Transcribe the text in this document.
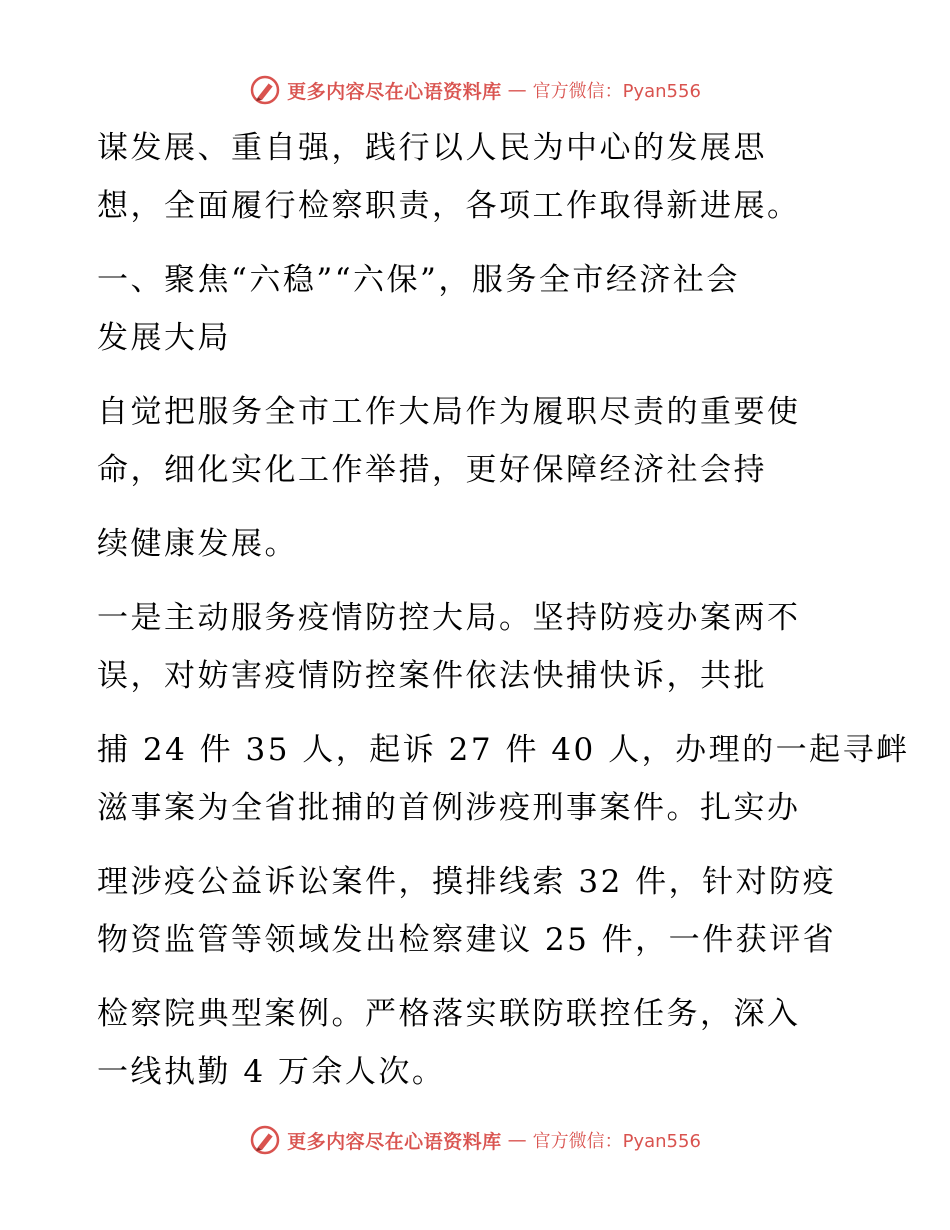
更多内容尽在心语资料库 — 官方微信：Pyan556
谋发展、重自强，践行以人民为中心的发展思
想，全面履行检察职责，各项工作取得新进展。
一、聚焦“六稳”“六保”，服务全市经济社会
发展大局
自觉把服务全市工作大局作为履职尽责的重要使
命，细化实化工作举措，更好保障经济社会持
续健康发展。
一是主动服务疫情防控大局。坚持防疫办案两不
误，对妨害疫情防控案件依法快捕快诉，共批
捕 24 件 35 人，起诉 27 件 40 人，办理的一起寻衅
滋事案为全省批捕的首例涉疫刑事案件。扎实办
理涉疫公益诉讼案件，摸排线索 32 件，针对防疫
物资监管等领域发出检察建议 25 件，一件获评省
检察院典型案例。严格落实联防联控任务，深入
一线执勤 4 万余人次。
更多内容尽在心语资料库 — 官方微信：Pyan556
